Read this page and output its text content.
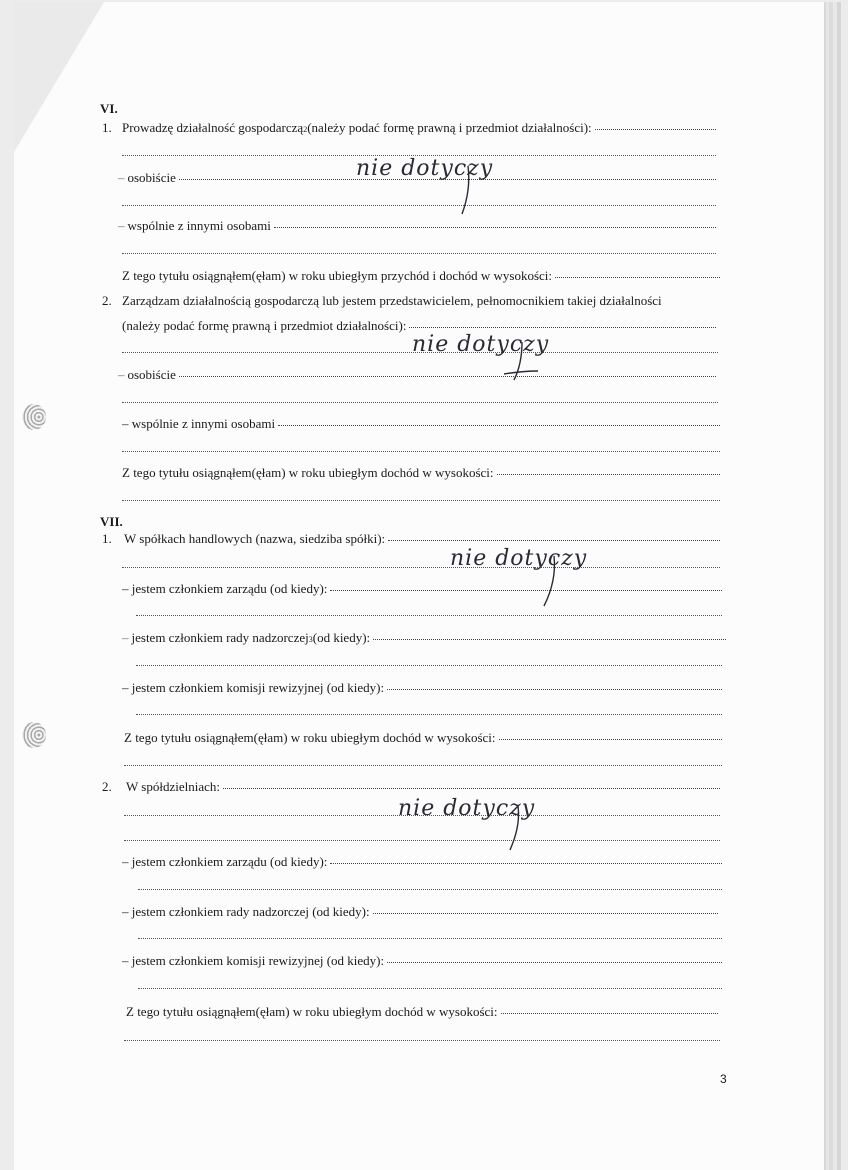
VI.
1. Prowadzę działalność gospodarczą 2 (należy podać formę prawną i przedmiot działalności):
– osobiście
– wspólnie z innymi osobami
Z tego tytułu osiągnąłem(ęłam) w roku ubiegłym przychód i dochód w wysokości:
2. Zarządzam działalnością gospodarczą lub jestem przedstawicielem, pełnomocnikiem takiej działalności
(należy podać formę prawną i przedmiot działalności):
– osobiście
– wspólnie z innymi osobami
Z tego tytułu osiągnąłem(ęłam) w roku ubiegłym dochód w wysokości:
VII.
1. W spółkach handlowych (nazwa, siedziba spółki):
– jestem członkiem zarządu (od kiedy):
– jestem członkiem rady nadzorczej 3 (od kiedy):
– jestem członkiem komisji rewizyjnej (od kiedy):
Z tego tytułu osiągnąłem(ęłam) w roku ubiegłym dochód w wysokości:
2. W spółdzielniach:
– jestem członkiem zarządu (od kiedy):
– jestem członkiem rady nadzorczej (od kiedy):
– jestem członkiem komisji rewizyjnej (od kiedy):
Z tego tytułu osiągnąłem(ęłam) w roku ubiegłym dochód w wysokości:
nie dotyczy
nie dotyczy
nie dotyczy
nie dotyczy
3
